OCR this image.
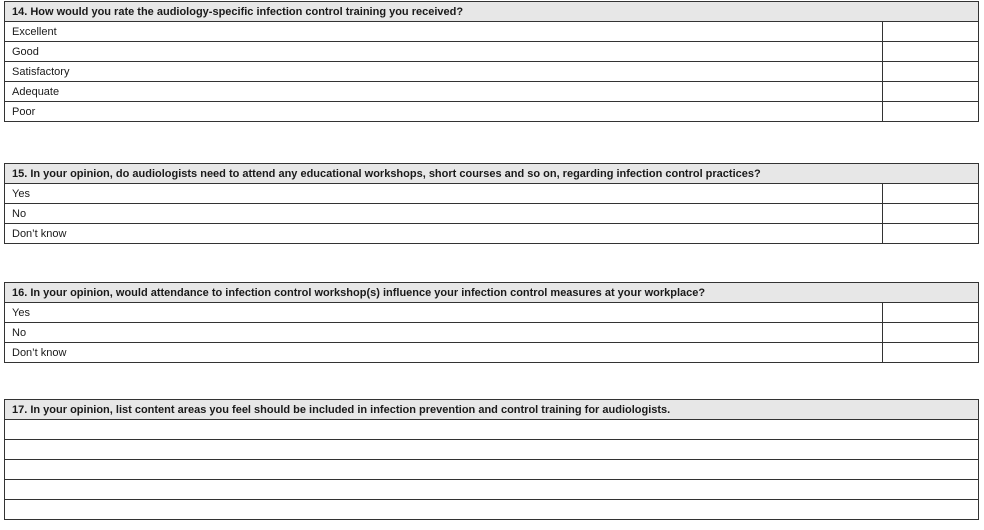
14. How would you rate the audiology-specific infection control training you received?	
Excellent	
Good	
Satisfactory	
Adequate	
Poor	
15. In your opinion, do audiologists need to attend any educational workshops, short courses and so on, regarding infection control practices?	
Yes	
No	
Don’t know	
16. In your opinion, would attendance to infection control workshop(s) influence your infection control measures at your workplace?	
Yes	
No	
Don’t know	
17. In your opinion, list content areas you feel should be included in infection prevention and control training for audiologists.
